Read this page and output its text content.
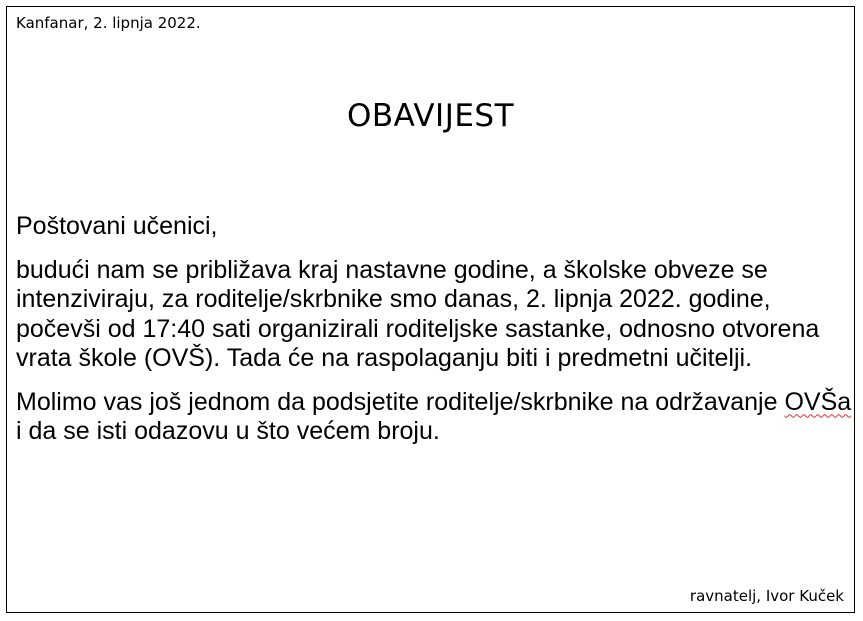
Kanfanar, 2. lipnja 2022.
OBAVIJEST

Poštovani učenici,

budući nam se približava kraj nastavne godine, a školske obveze se intenziviraju, za roditelje/skrbnike smo danas, 2. lipnja 2022. godine, počevši od 17:40 sati organizirali roditeljske sastanke, odnosno otvorena vrata škole (OVŠ). Tada će na raspolaganju biti i predmetni učitelji.

Molimo vas još jednom da podsjetite roditelje/skrbnike na održavanje OVŠa i da se isti odazovu u što većem broju.

ravnatelj, Ivor Kuček
